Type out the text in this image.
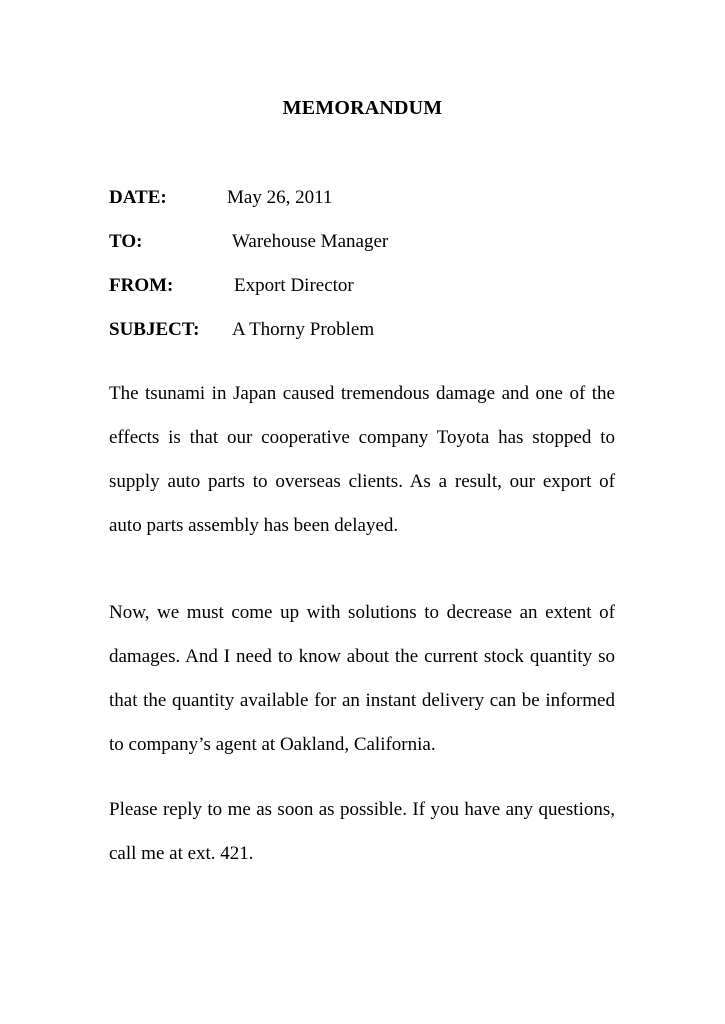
MEMORANDUM
DATE:	May 26, 2011
TO:	Warehouse Manager
FROM:	Export Director
SUBJECT: A Thorny Problem

The tsunami in Japan caused tremendous damage and one of the effects is that our cooperative company Toyota has stopped to supply auto parts to overseas clients. As a result, our export of auto parts assembly has been delayed.

Now, we must come up with solutions to decrease an extent of damages. And I need to know about the current stock quantity so that the quantity available for an instant delivery can be informed to company’s agent at Oakland, California.

Please reply to me as soon as possible. If you have any questions, call me at ext. 421.
